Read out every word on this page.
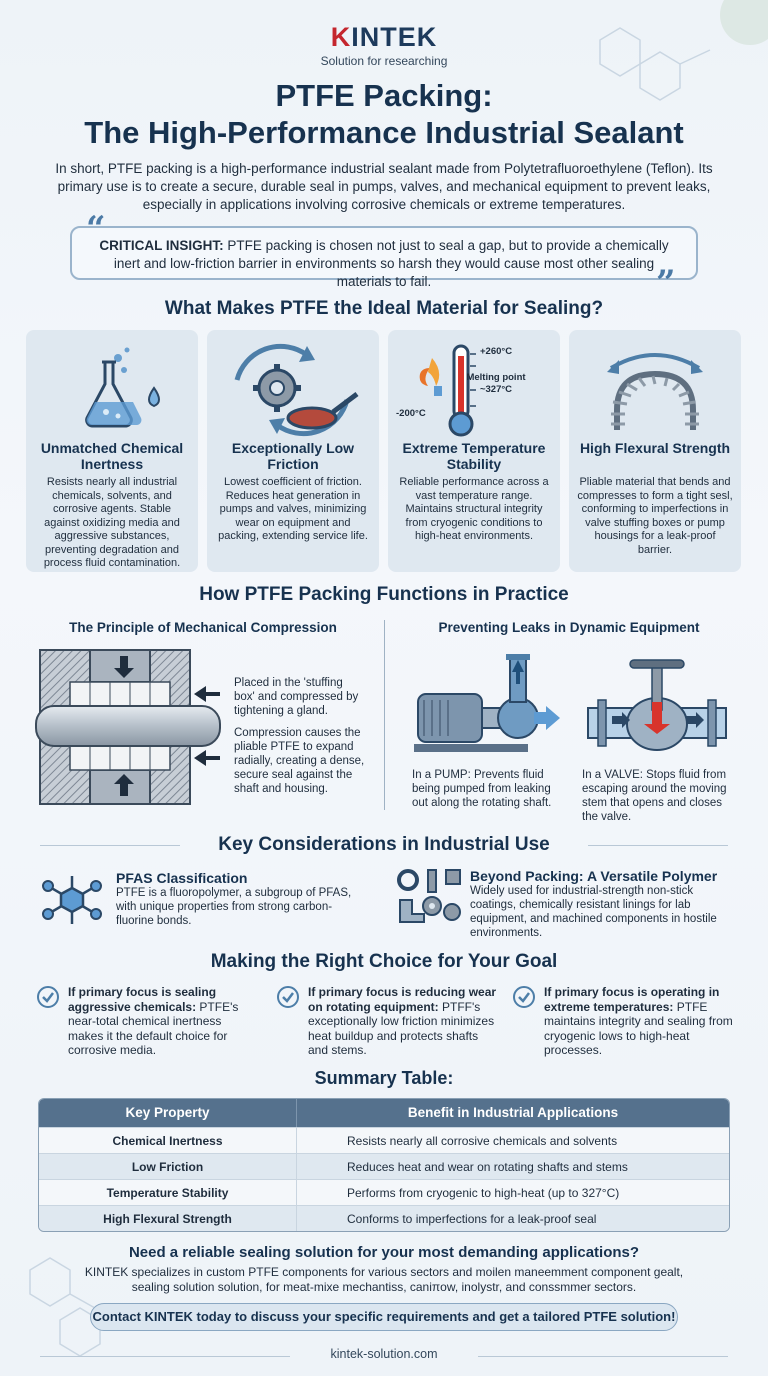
KINTEK
Solution for researching
PTFE Packing:
The High-Performance Industrial Sealant
In short, PTFE packing is a high-performance industrial sealant made from Polytetrafluoroethylene (Teflon). Its primary use is to create a secure, durable seal in pumps, valves, and mechanical equipment to prevent leaks, especially in applications involving corrosive chemicals or extreme temperatures.
CRITICAL INSIGHT: PTFE packing is chosen not just to seal a gap, but to provide a chemically inert and low-friction barrier in environments so harsh they would cause most other sealing materials to fail.
“
”
What Makes PTFE the Ideal Material for Sealing?
Unmatched Chemical Inertness
Resists nearly all industrial chemicals, solvents, and corrosive agents. Stable against oxidizing media and aggressive substances, preventing degradation and process fluid contamination.
Exceptionally Low Friction
Lowest coefficient of friction. Reduces heat generation in pumps and valves, minimizing wear on equipment and packing, extending service life.
+260°C
Melting point
~327°C
-200°C
Extreme Temperature Stability
Reliable performance across a vast temperature range. Maintains structural integrity from cryogenic conditions to high-heat environments.
High Flexural Strength
Pliable material that bends and compresses to form a tight sesl, conforming to imperfections in valve stuffing boxes or pump housings for a leak-proof barrier.
How PTFE Packing Functions in Practice
The Principle of Mechanical Compression
Placed in the 'stuffing box' and compressed by tightening a gland.
Compression causes the pliable PTFE to expand radially, creating a dense, secure seal against the shaft and housing.
Preventing Leaks in Dynamic Equipment
In a PUMP: Prevents fluid being pumped from leaking out along the rotating shaft.
In a VALVE: Stops fluid from escaping around the moving stem that opens and closes the valve.
Key Considerations in Industrial Use
PFAS Classification
PTFE is a fluoropolymer, a subgroup of PFAS, with unique properties from strong carbon-fluorine bonds.
Beyond Packing: A Versatile Polymer
Widely used for industrial-strength non-stick coatings, chemically resistant linings for lab equipment, and machined components in hostile environments.
Making the Right Choice for Your Goal
If primary focus is sealing aggressive chemicals: PTFE's near-total chemical inertness makes it the default choice for corrosive media.
If primary focus is reducing wear on rotating equipment: PTFF's exceptionally low friction minimizes heat buildup and protects shafts and stems.
If primary focus is operating in extreme temperatures: PTFE maintains integrity and sealing from cryogenic lows to high-heat processes.
Summary Table:
Key Property	Benefit in Industrial Applications
Chemical Inertness	Resists nearly all corrosive chemicals and solvents
Low Friction	Reduces heat and wear on rotating shafts and stems
Temperature Stability	Performs from cryogenic to high-heat (up to 327°C)
High Flexural Strength	Conforms to imperfections for a leak-proof seal
Need a reliable sealing solution for your most demanding applications?
KINTEK specializes in custom PTFE components for various sectors and moilen maneemment component gealt, sealing solution solution, for meat-mixe mechantiss, caniπow, inolystr, and conssmmer sectors.
Contact KINTEK today to discuss your specific requirements and get a tailored PTFE solution!
kintek-solution.com
